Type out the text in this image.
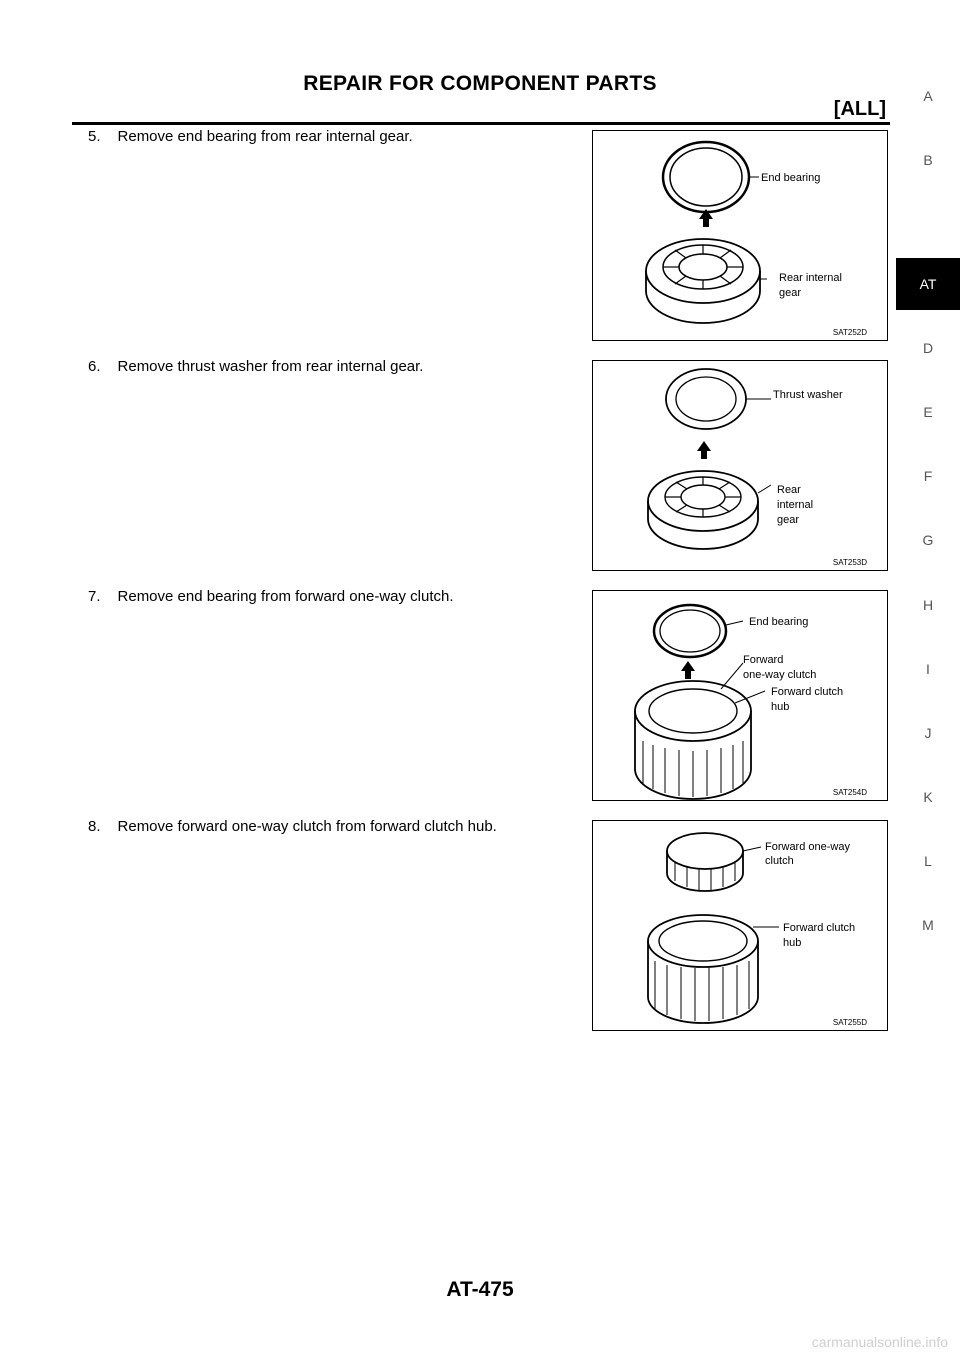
REPAIR FOR COMPONENT PARTS
[ALL]
5. Remove end bearing from rear internal gear.
6. Remove thrust washer from rear internal gear.
7. Remove end bearing from forward one-way clutch.
8. Remove forward one-way clutch from forward clutch hub.
End bearing
Rear internal
gear
SAT252D
Thrust washer
Rear
internal
gear
SAT253D
End bearing
Forward
one-way clutch
Forward clutch
hub
SAT254D
Forward one-way
clutch
Forward clutch
hub
SAT255D
A
B
AT
D
E
F
G
H
I
J
K
L
M
AT-475
carmanualsonline.info
